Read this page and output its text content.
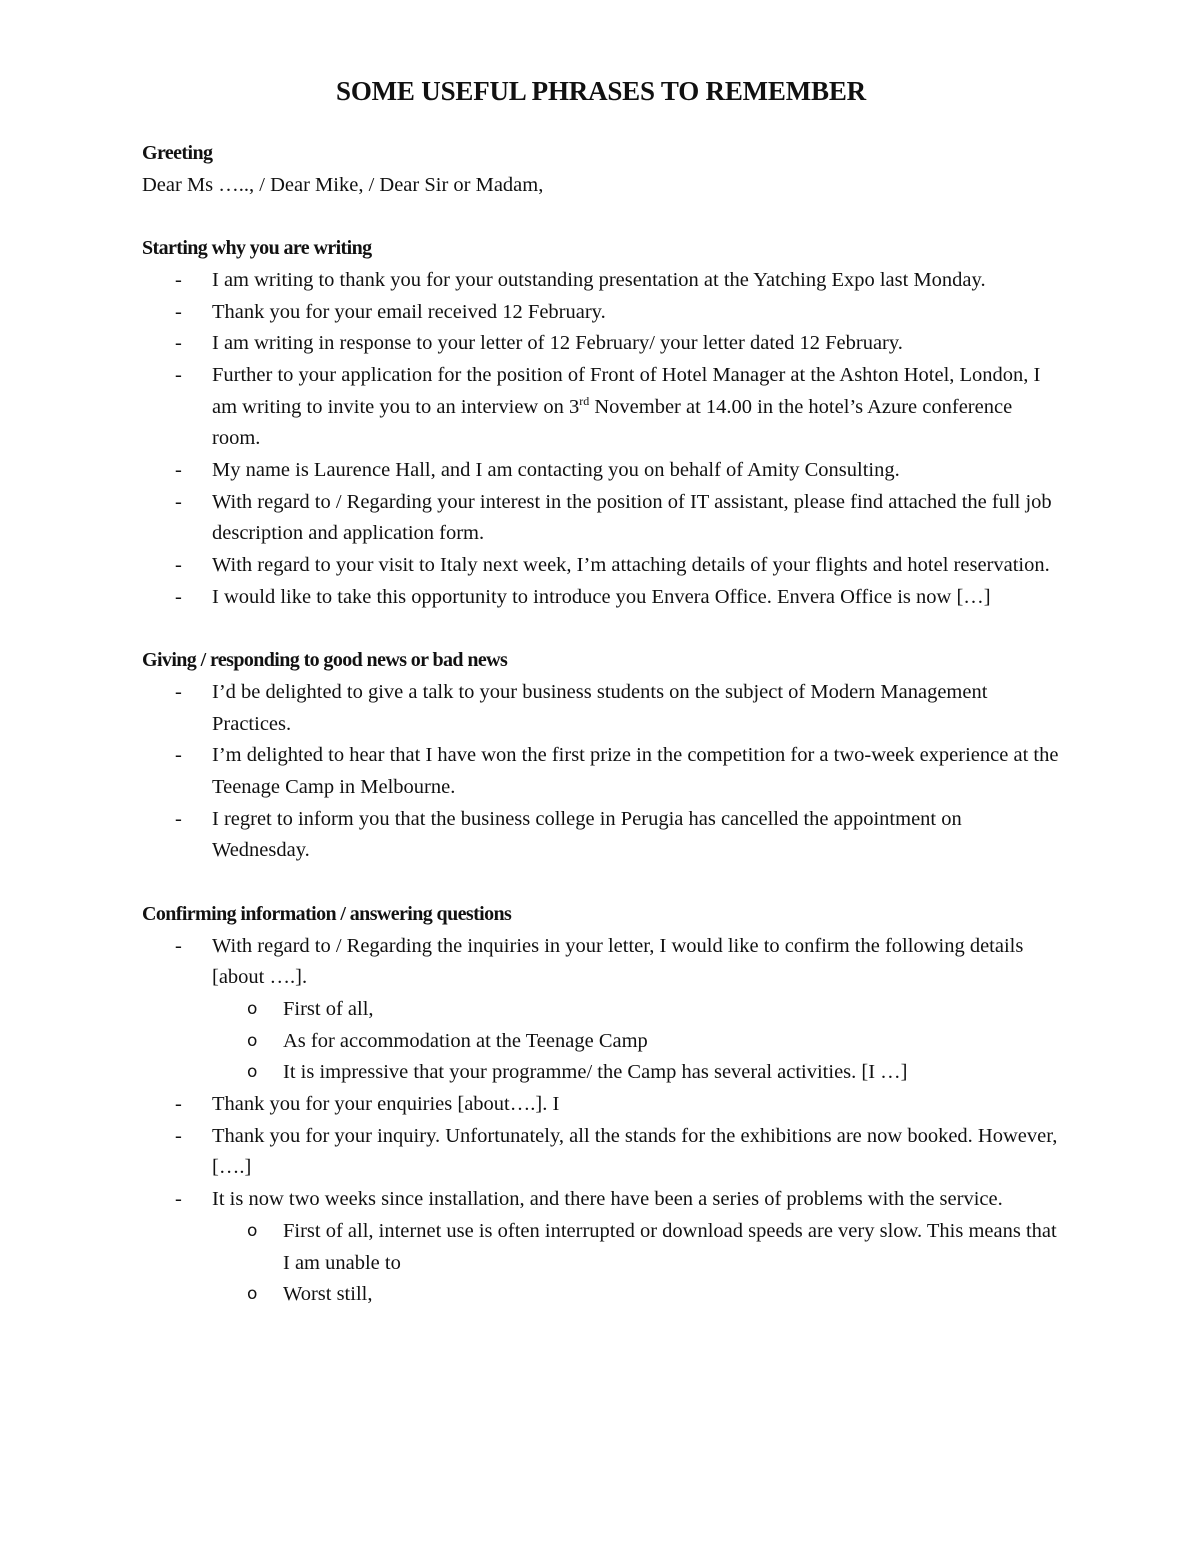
SOME USEFUL PHRASES TO REMEMBER

Greeting

Dear Ms ….., / Dear Mike, / Dear Sir or Madam,

Starting why you are writing

- I am writing to thank you for your outstanding presentation at the Yatching Expo last Monday.
- Thank you for your email received 12 February.
- I am writing in response to your letter of 12 February/ your letter dated 12 February.
- Further to your application for the position of Front of Hotel Manager at the Ashton Hotel, London, I am writing to invite you to an interview on 3rd November at 14.00 in the hotel’s Azure conference room.
- My name is Laurence Hall, and I am contacting you on behalf of Amity Consulting.
- With regard to / Regarding your interest in the position of IT assistant, please find attached the full job description and application form.
- With regard to your visit to Italy next week, I’m attaching details of your flights and hotel reservation.
- I would like to take this opportunity to introduce you Envera Office. Envera Office is now […]

Giving / responding to good news or bad news

- I’d be delighted to give a talk to your business students on the subject of Modern Management Practices.
- I’m delighted to hear that I have won the first prize in the competition for a two-week experience at the Teenage Camp in Melbourne.
- I regret to inform you that the business college in Perugia has cancelled the appointment on Wednesday.

Confirming information / answering questions

- With regard to / Regarding the inquiries in your letter, I would like to confirm the following details [about ….].
o First of all,
o As for accommodation at the Teenage Camp
o It is impressive that your programme/ the Camp has several activities. [I …]
- Thank you for your enquiries [about….]. I
- Thank you for your inquiry. Unfortunately, all the stands for the exhibitions are now booked. However, [….]
- It is now two weeks since installation, and there have been a series of problems with the service.
o First of all, internet use is often interrupted or download speeds are very slow. This means that I am unable to
o Worst still,
